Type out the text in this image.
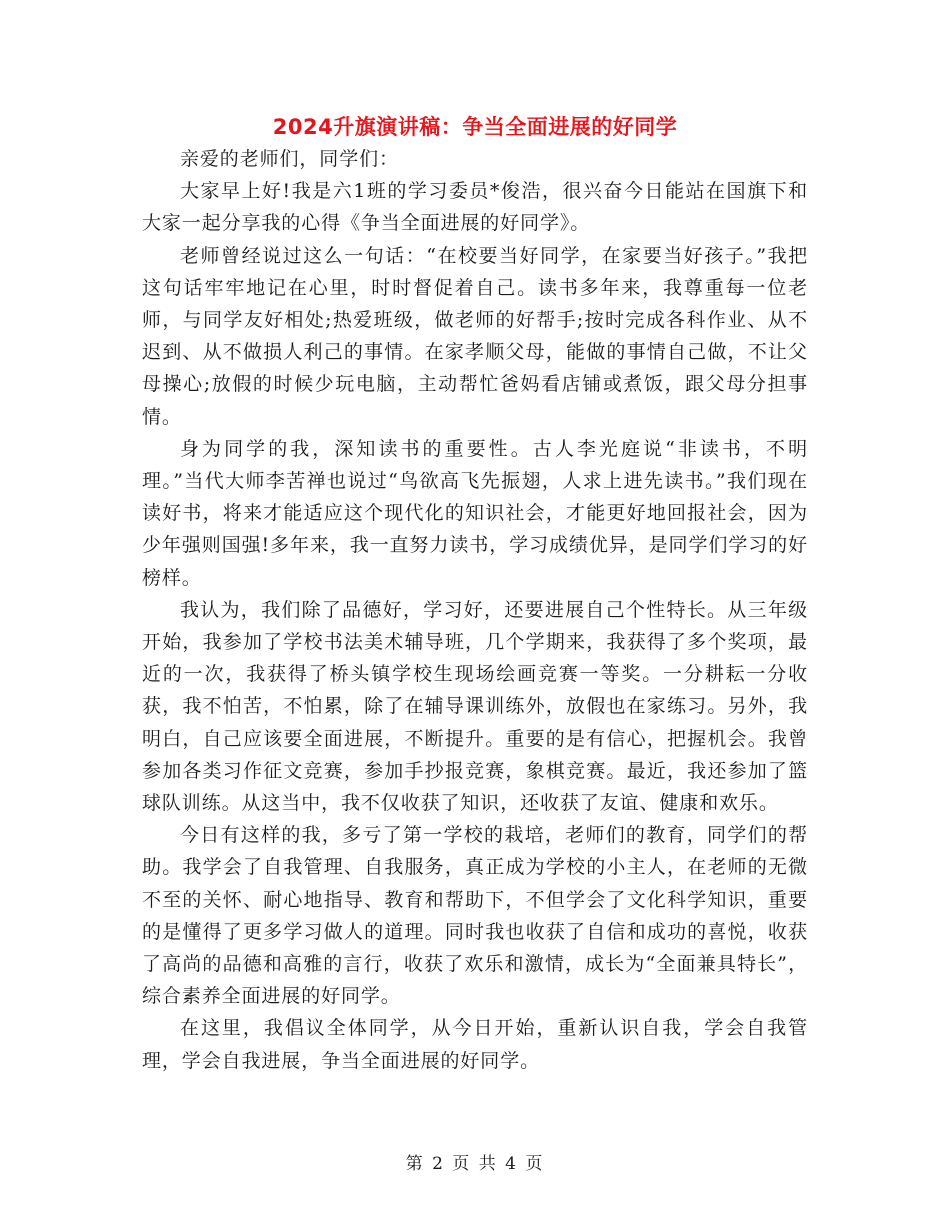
2024升旗演讲稿：争当全面进展的好同学

亲爱的老师们，同学们：

大家早上好!我是六1班的学习委员*俊浩，很兴奋今日能站在国旗下和大家一起分享我的心得《争当全面进展的好同学》。

老师曾经说过这么一句话：“在校要当好同学，在家要当好孩子。”我把这句话牢牢地记在心里，时时督促着自己。读书多年来，我尊重每一位老师，与同学友好相处;热爱班级，做老师的好帮手;按时完成各科作业、从不迟到、从不做损人利己的事情。在家孝顺父母，能做的事情自己做，不让父母操心;放假的时候少玩电脑，主动帮忙爸妈看店铺或煮饭，跟父母分担事情。

身为同学的我，深知读书的重要性。古人李光庭说“非读书，不明理。”当代大师李苦禅也说过“鸟欲高飞先振翅，人求上进先读书。”我们现在读好书，将来才能适应这个现代化的知识社会，才能更好地回报社会，因为少年强则国强!多年来，我一直努力读书，学习成绩优异，是同学们学习的好榜样。

我认为，我们除了品德好，学习好，还要进展自己个性特长。从三年级开始，我参加了学校书法美术辅导班，几个学期来，我获得了多个奖项，最近的一次，我获得了桥头镇学校生现场绘画竞赛一等奖。一分耕耘一分收获，我不怕苦，不怕累，除了在辅导课训练外，放假也在家练习。另外，我明白，自己应该要全面进展，不断提升。重要的是有信心，把握机会。我曾参加各类习作征文竞赛，参加手抄报竞赛，象棋竞赛。最近，我还参加了篮球队训练。从这当中，我不仅收获了知识，还收获了友谊、健康和欢乐。

今日有这样的我，多亏了第一学校的栽培，老师们的教育，同学们的帮助。我学会了自我管理、自我服务，真正成为学校的小主人，在老师的无微不至的关怀、耐心地指导、教育和帮助下，不但学会了文化科学知识，重要的是懂得了更多学习做人的道理。同时我也收获了自信和成功的喜悦，收获了高尚的品德和高雅的言行，收获了欢乐和激情，成长为“全面兼具特长”，综合素养全面进展的好同学。

在这里，我倡议全体同学，从今日开始，重新认识自我，学会自我管理，学会自我进展，争当全面进展的好同学。

第 2 页 共 4 页
